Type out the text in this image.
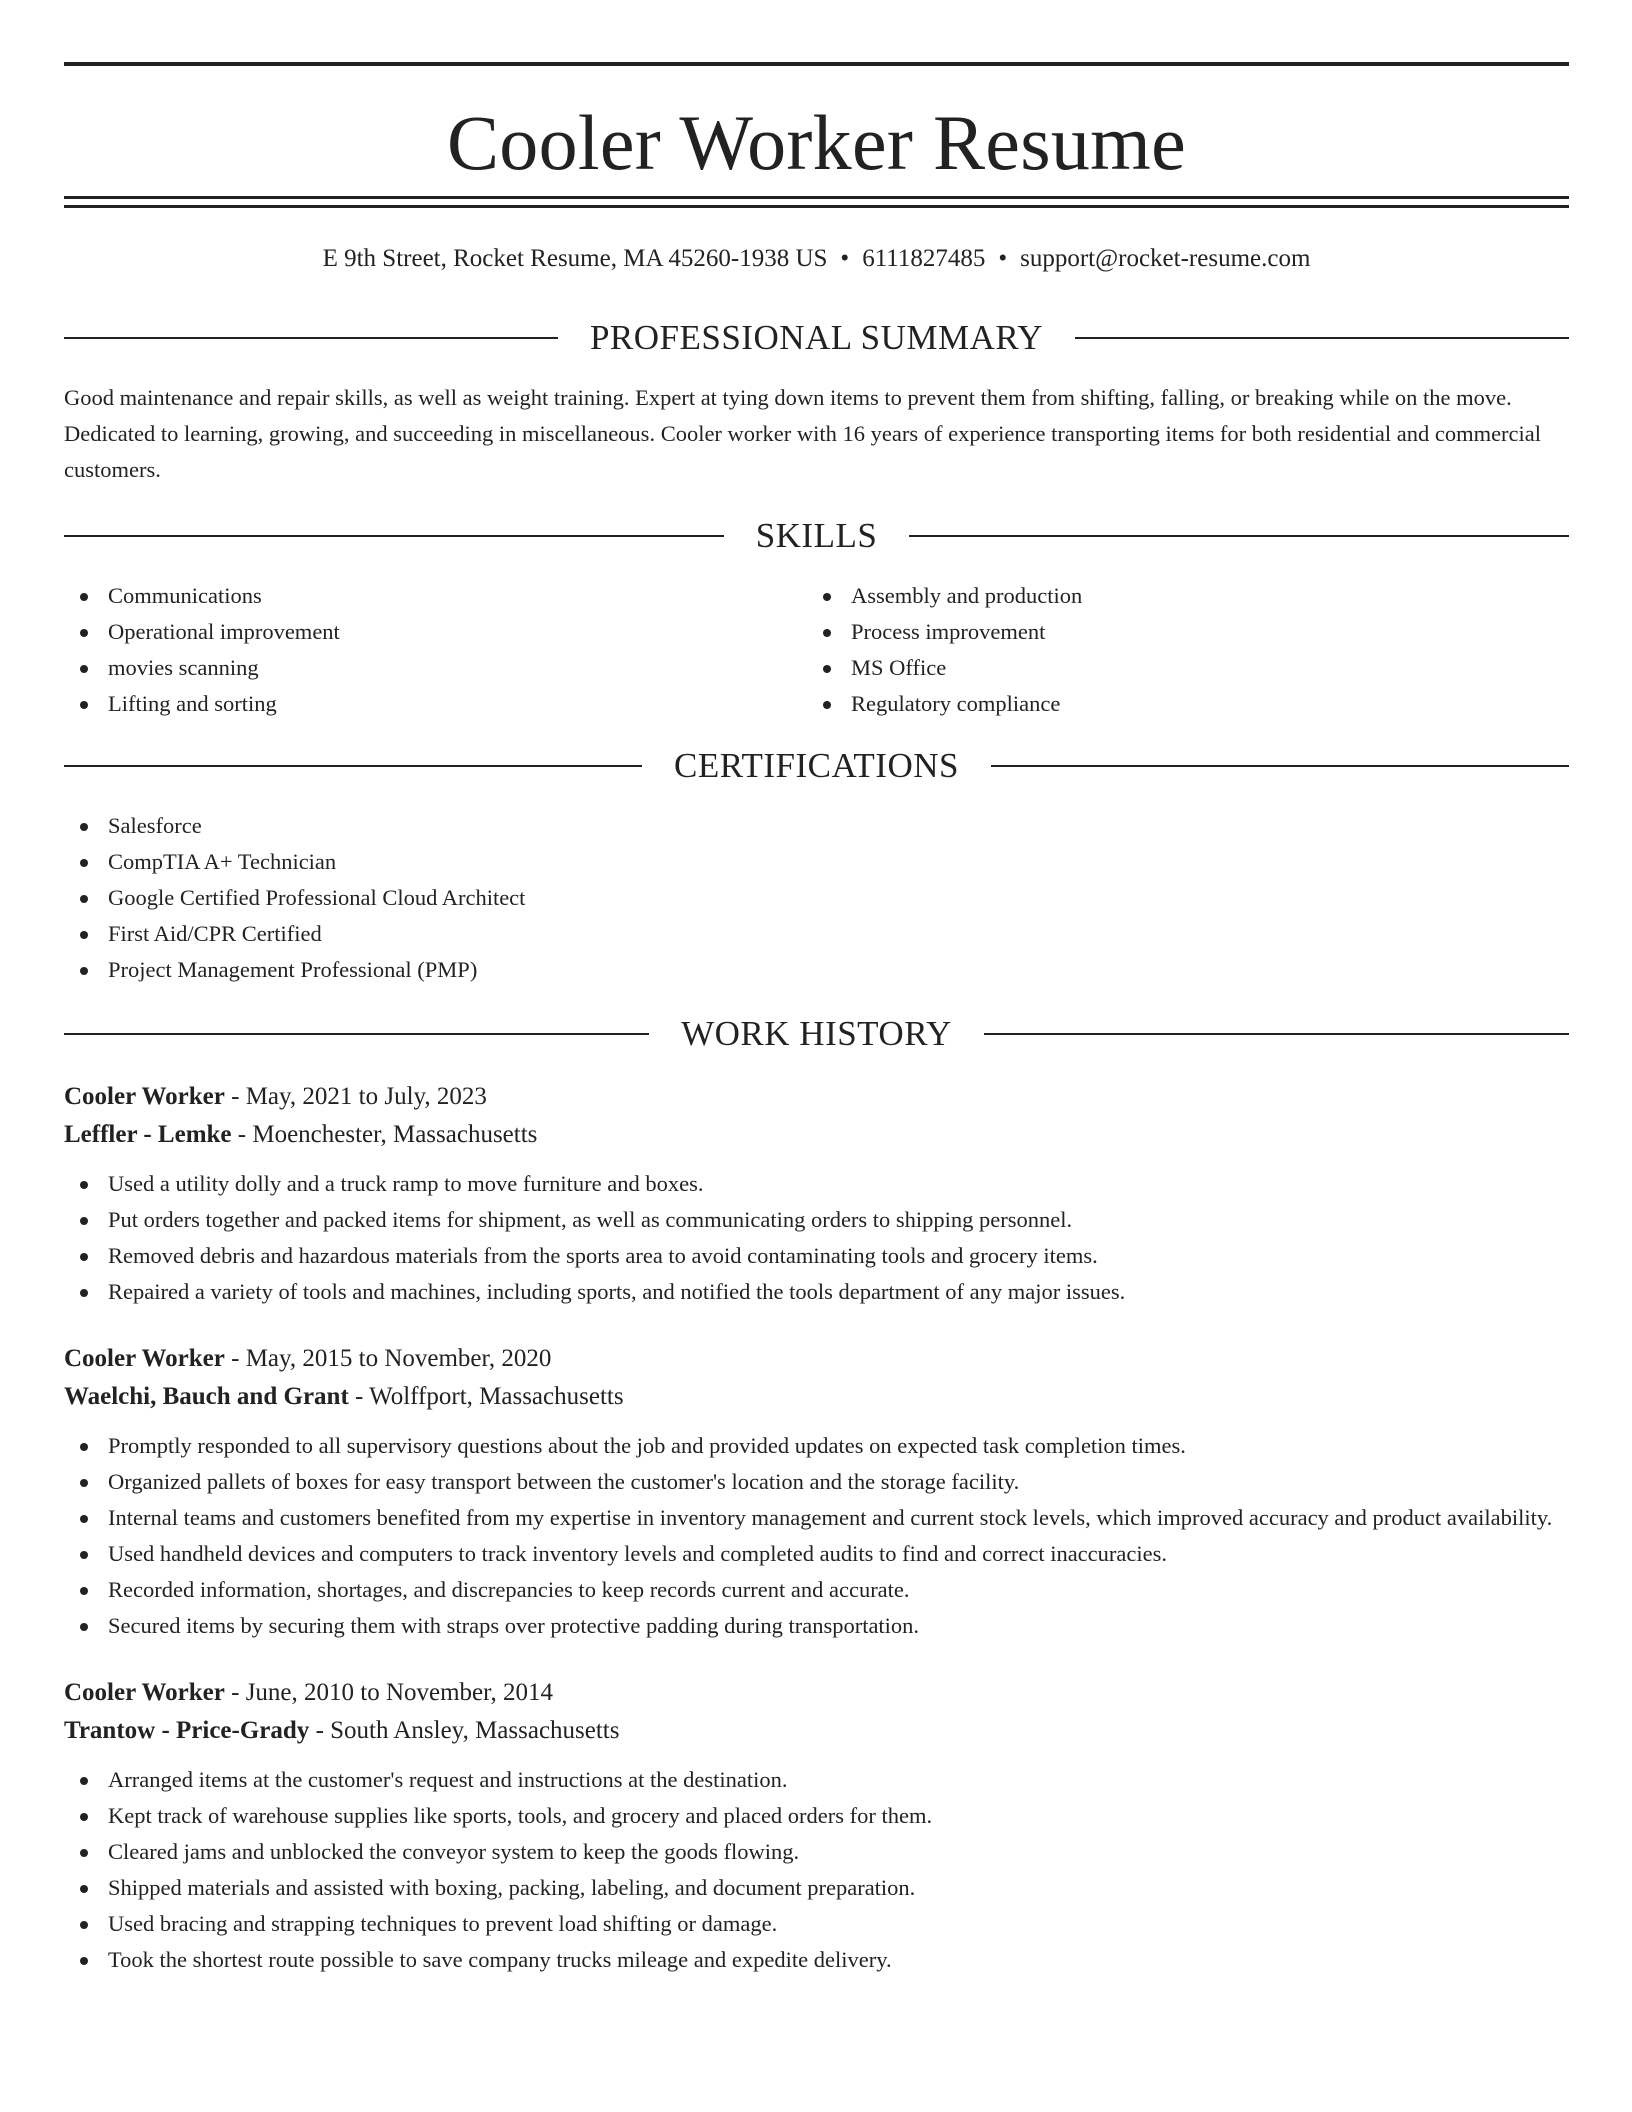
Cooler Worker Resume
E 9th Street, Rocket Resume, MA 45260-1938 US • 6111827485 • support@rocket-resume.com
PROFESSIONAL SUMMARY
Good maintenance and repair skills, as well as weight training. Expert at tying down items to prevent them from shifting, falling, or breaking while on the move. Dedicated to learning, growing, and succeeding in miscellaneous. Cooler worker with 16 years of experience transporting items for both residential and commercial customers.
SKILLS
Communications
Operational improvement
movies scanning
Lifting and sorting
Assembly and production
Process improvement
MS Office
Regulatory compliance
CERTIFICATIONS
Salesforce
CompTIA A+ Technician
Google Certified Professional Cloud Architect
First Aid/CPR Certified
Project Management Professional (PMP)
WORK HISTORY
Cooler Worker - May, 2021 to July, 2023
Leffler - Lemke - Moenchester, Massachusetts
Used a utility dolly and a truck ramp to move furniture and boxes.
Put orders together and packed items for shipment, as well as communicating orders to shipping personnel.
Removed debris and hazardous materials from the sports area to avoid contaminating tools and grocery items.
Repaired a variety of tools and machines, including sports, and notified the tools department of any major issues.
Cooler Worker - May, 2015 to November, 2020
Waelchi, Bauch and Grant - Wolffport, Massachusetts
Promptly responded to all supervisory questions about the job and provided updates on expected task completion times.
Organized pallets of boxes for easy transport between the customer's location and the storage facility.
Internal teams and customers benefited from my expertise in inventory management and current stock levels, which improved accuracy and product availability.
Used handheld devices and computers to track inventory levels and completed audits to find and correct inaccuracies.
Recorded information, shortages, and discrepancies to keep records current and accurate.
Secured items by securing them with straps over protective padding during transportation.
Cooler Worker - June, 2010 to November, 2014
Trantow - Price-Grady - South Ansley, Massachusetts
Arranged items at the customer's request and instructions at the destination.
Kept track of warehouse supplies like sports, tools, and grocery and placed orders for them.
Cleared jams and unblocked the conveyor system to keep the goods flowing.
Shipped materials and assisted with boxing, packing, labeling, and document preparation.
Used bracing and strapping techniques to prevent load shifting or damage.
Took the shortest route possible to save company trucks mileage and expedite delivery.
